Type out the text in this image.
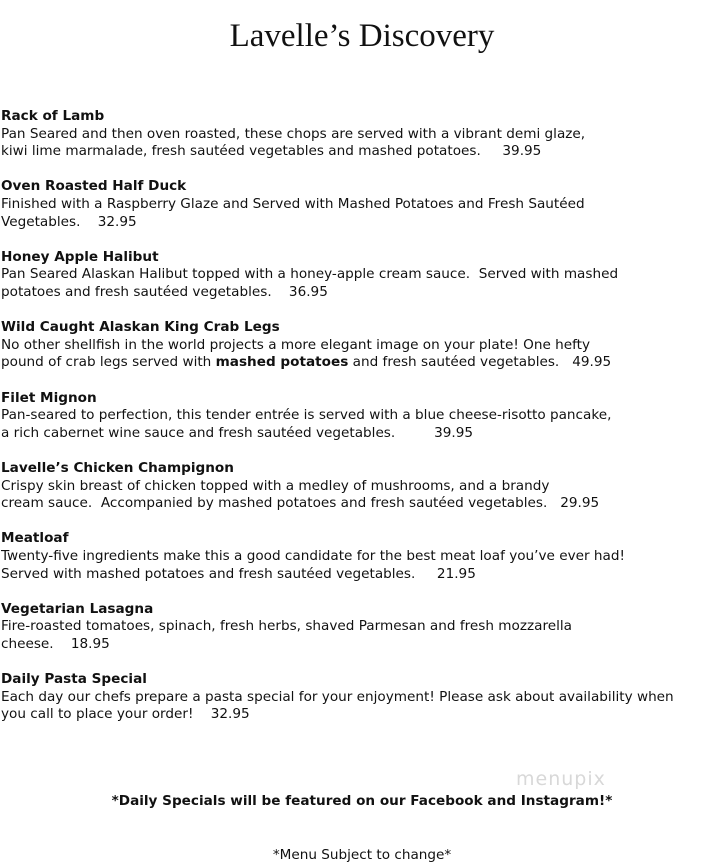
Lavelle’s Discovery
Rack of Lamb
Pan Seared and then oven roasted, these chops are served with a vibrant demi glaze,
kiwi lime marmalade, fresh sautéed vegetables and mashed potatoes.     39.95
Oven Roasted Half Duck
Finished with a Raspberry Glaze and Served with Mashed Potatoes and Fresh Sautéed
Vegetables.    32.95
Honey Apple Halibut
Pan Seared Alaskan Halibut topped with a honey-apple cream sauce.  Served with mashed
potatoes and fresh sautéed vegetables.    36.95
Wild Caught Alaskan King Crab Legs
No other shellfish in the world projects a more elegant image on your plate! One hefty
pound of crab legs served with mashed potatoes and fresh sautéed vegetables.   49.95
Filet Mignon
Pan-seared to perfection, this tender entrée is served with a blue cheese-risotto pancake,
a rich cabernet wine sauce and fresh sautéed vegetables.         39.95
Lavelle’s Chicken Champignon
Crispy skin breast of chicken topped with a medley of mushrooms, and a brandy
cream sauce.  Accompanied by mashed potatoes and fresh sautéed vegetables.   29.95
Meatloaf
Twenty-five ingredients make this a good candidate for the best meat loaf you’ve ever had!
Served with mashed potatoes and fresh sautéed vegetables.     21.95
Vegetarian Lasagna
Fire-roasted tomatoes, spinach, fresh herbs, shaved Parmesan and fresh mozzarella
cheese.    18.95
Daily Pasta Special
Each day our chefs prepare a pasta special for your enjoyment! Please ask about availability when
you call to place your order!    32.95
menupix
*Daily Specials will be featured on our Facebook and Instagram!*
*Menu Subject to change*
